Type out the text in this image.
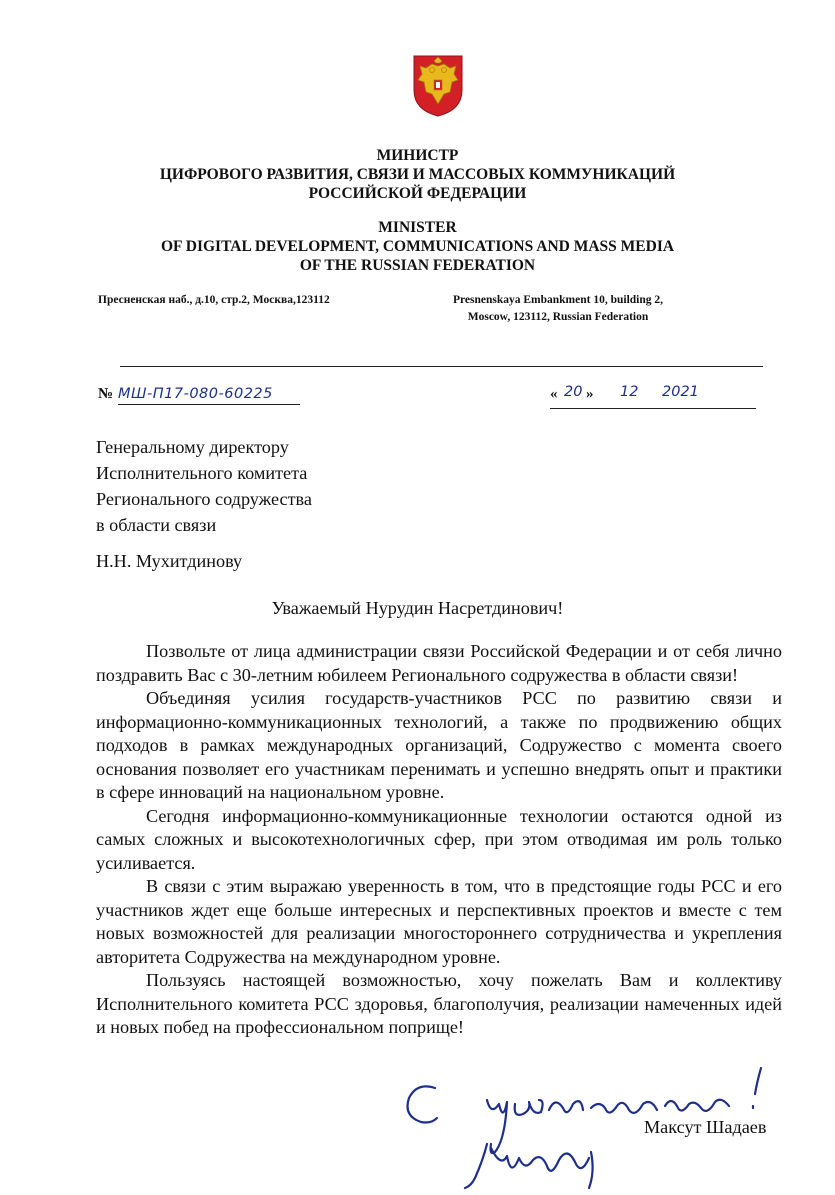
МИНИСТР
ЦИФРОВОГО РАЗВИТИЯ, СВЯЗИ И МАССОВЫХ КОММУНИКАЦИЙ
РОССИЙСКОЙ ФЕДЕРАЦИИ
MINISTER
OF DIGITAL DEVELOPMENT, COMMUNICATIONS AND MASS MEDIA
OF THE RUSSIAN FEDERATION
Пресненская наб., д.10, стр.2, Москва,123112	Presnenskaya Embankment 10, building 2,
Moscow, 123112, Russian Federation
№ МШ-П17-080-60225	« 20 » 12 2021
Генеральному директору
Исполнительного комитета
Регионального содружества
в области связи
Н.Н. Мухитдинову
Уважаемый Нурудин Насретдинович!

Позвольте от лица администрации связи Российской Федерации и от себя лично поздравить Вас с 30-летним юбилеем Регионального содружества в области связи!

Объединяя усилия государств-участников РСС по развитию связи и информационно-коммуникационных технологий, а также по продвижению общих подходов в рамках международных организаций, Содружество с момента своего основания позволяет его участникам перенимать и успешно внедрять опыт и практики в сфере инноваций на национальном уровне.

Сегодня информационно-коммуникационные технологии остаются одной из самых сложных и высокотехнологичных сфер, при этом отводимая им роль только усиливается.

В связи с этим выражаю уверенность в том, что в предстоящие годы РСС и его участников ждет еще больше интересных и перспективных проектов и вместе с тем новых возможностей для реализации многостороннего сотрудничества и укрепления авторитета Содружества на международном уровне.

Пользуясь настоящей возможностью, хочу пожелать Вам и коллективу Исполнительного комитета РСС здоровья, благополучия, реализации намеченных идей и новых побед на профессиональном поприще!

Максут Шадаев
